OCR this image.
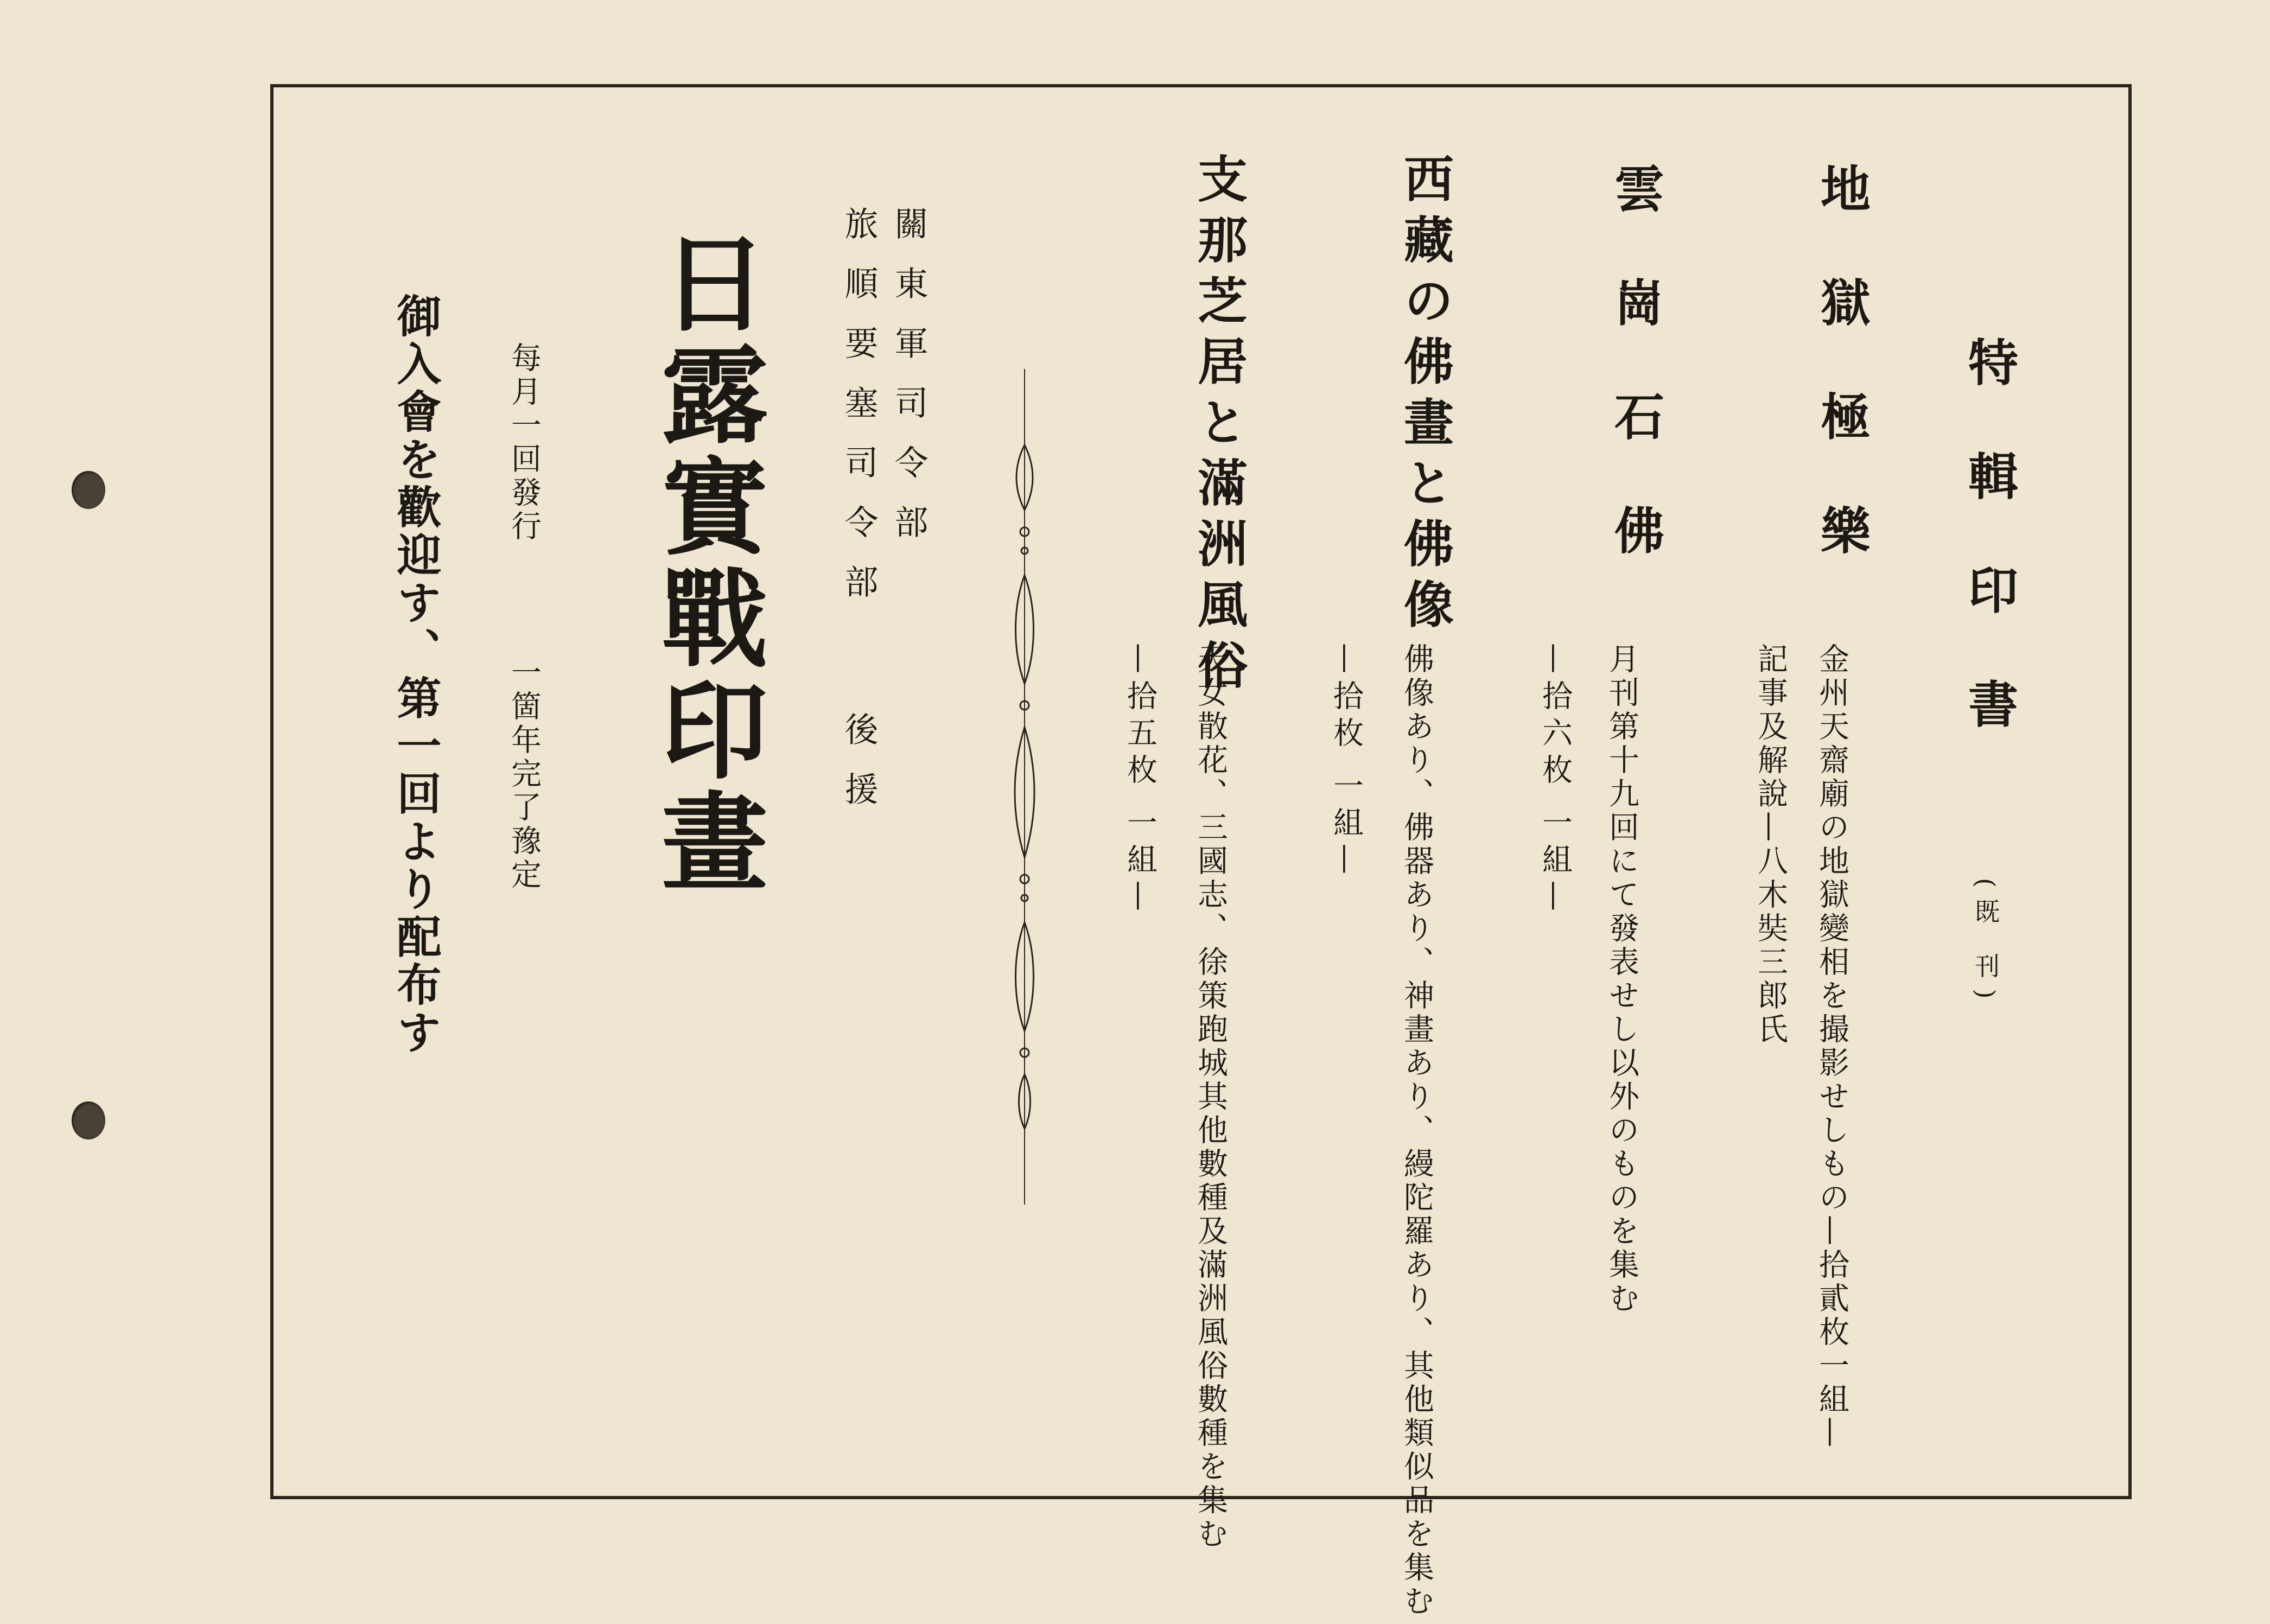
特輯印書
(既 刊)
地獄極樂
金州天齋廟の地獄變相を撮影せしもの—拾貳枚一組—
記事及解說—八木奘三郎氏
雲崗石佛
月刊第十九回にて發表せし以外のものを集む
—拾六枚 一組—
西藏の佛畫と佛像
佛像あり、佛器あり、神畫あり、縵陀羅あり、其他類似品を集む
—拾枚 一組—
支那芝居と滿洲風俗
天女散花、三國志、徐策跑城其他數種及滿洲風俗數種を集む
—拾五枚 一組—
關東軍司令部
旅順要塞司令部
後援
日露實戰印畫
每月一回發行
一箇年完了豫定
御入會を歡迎す、第一回より配布す
